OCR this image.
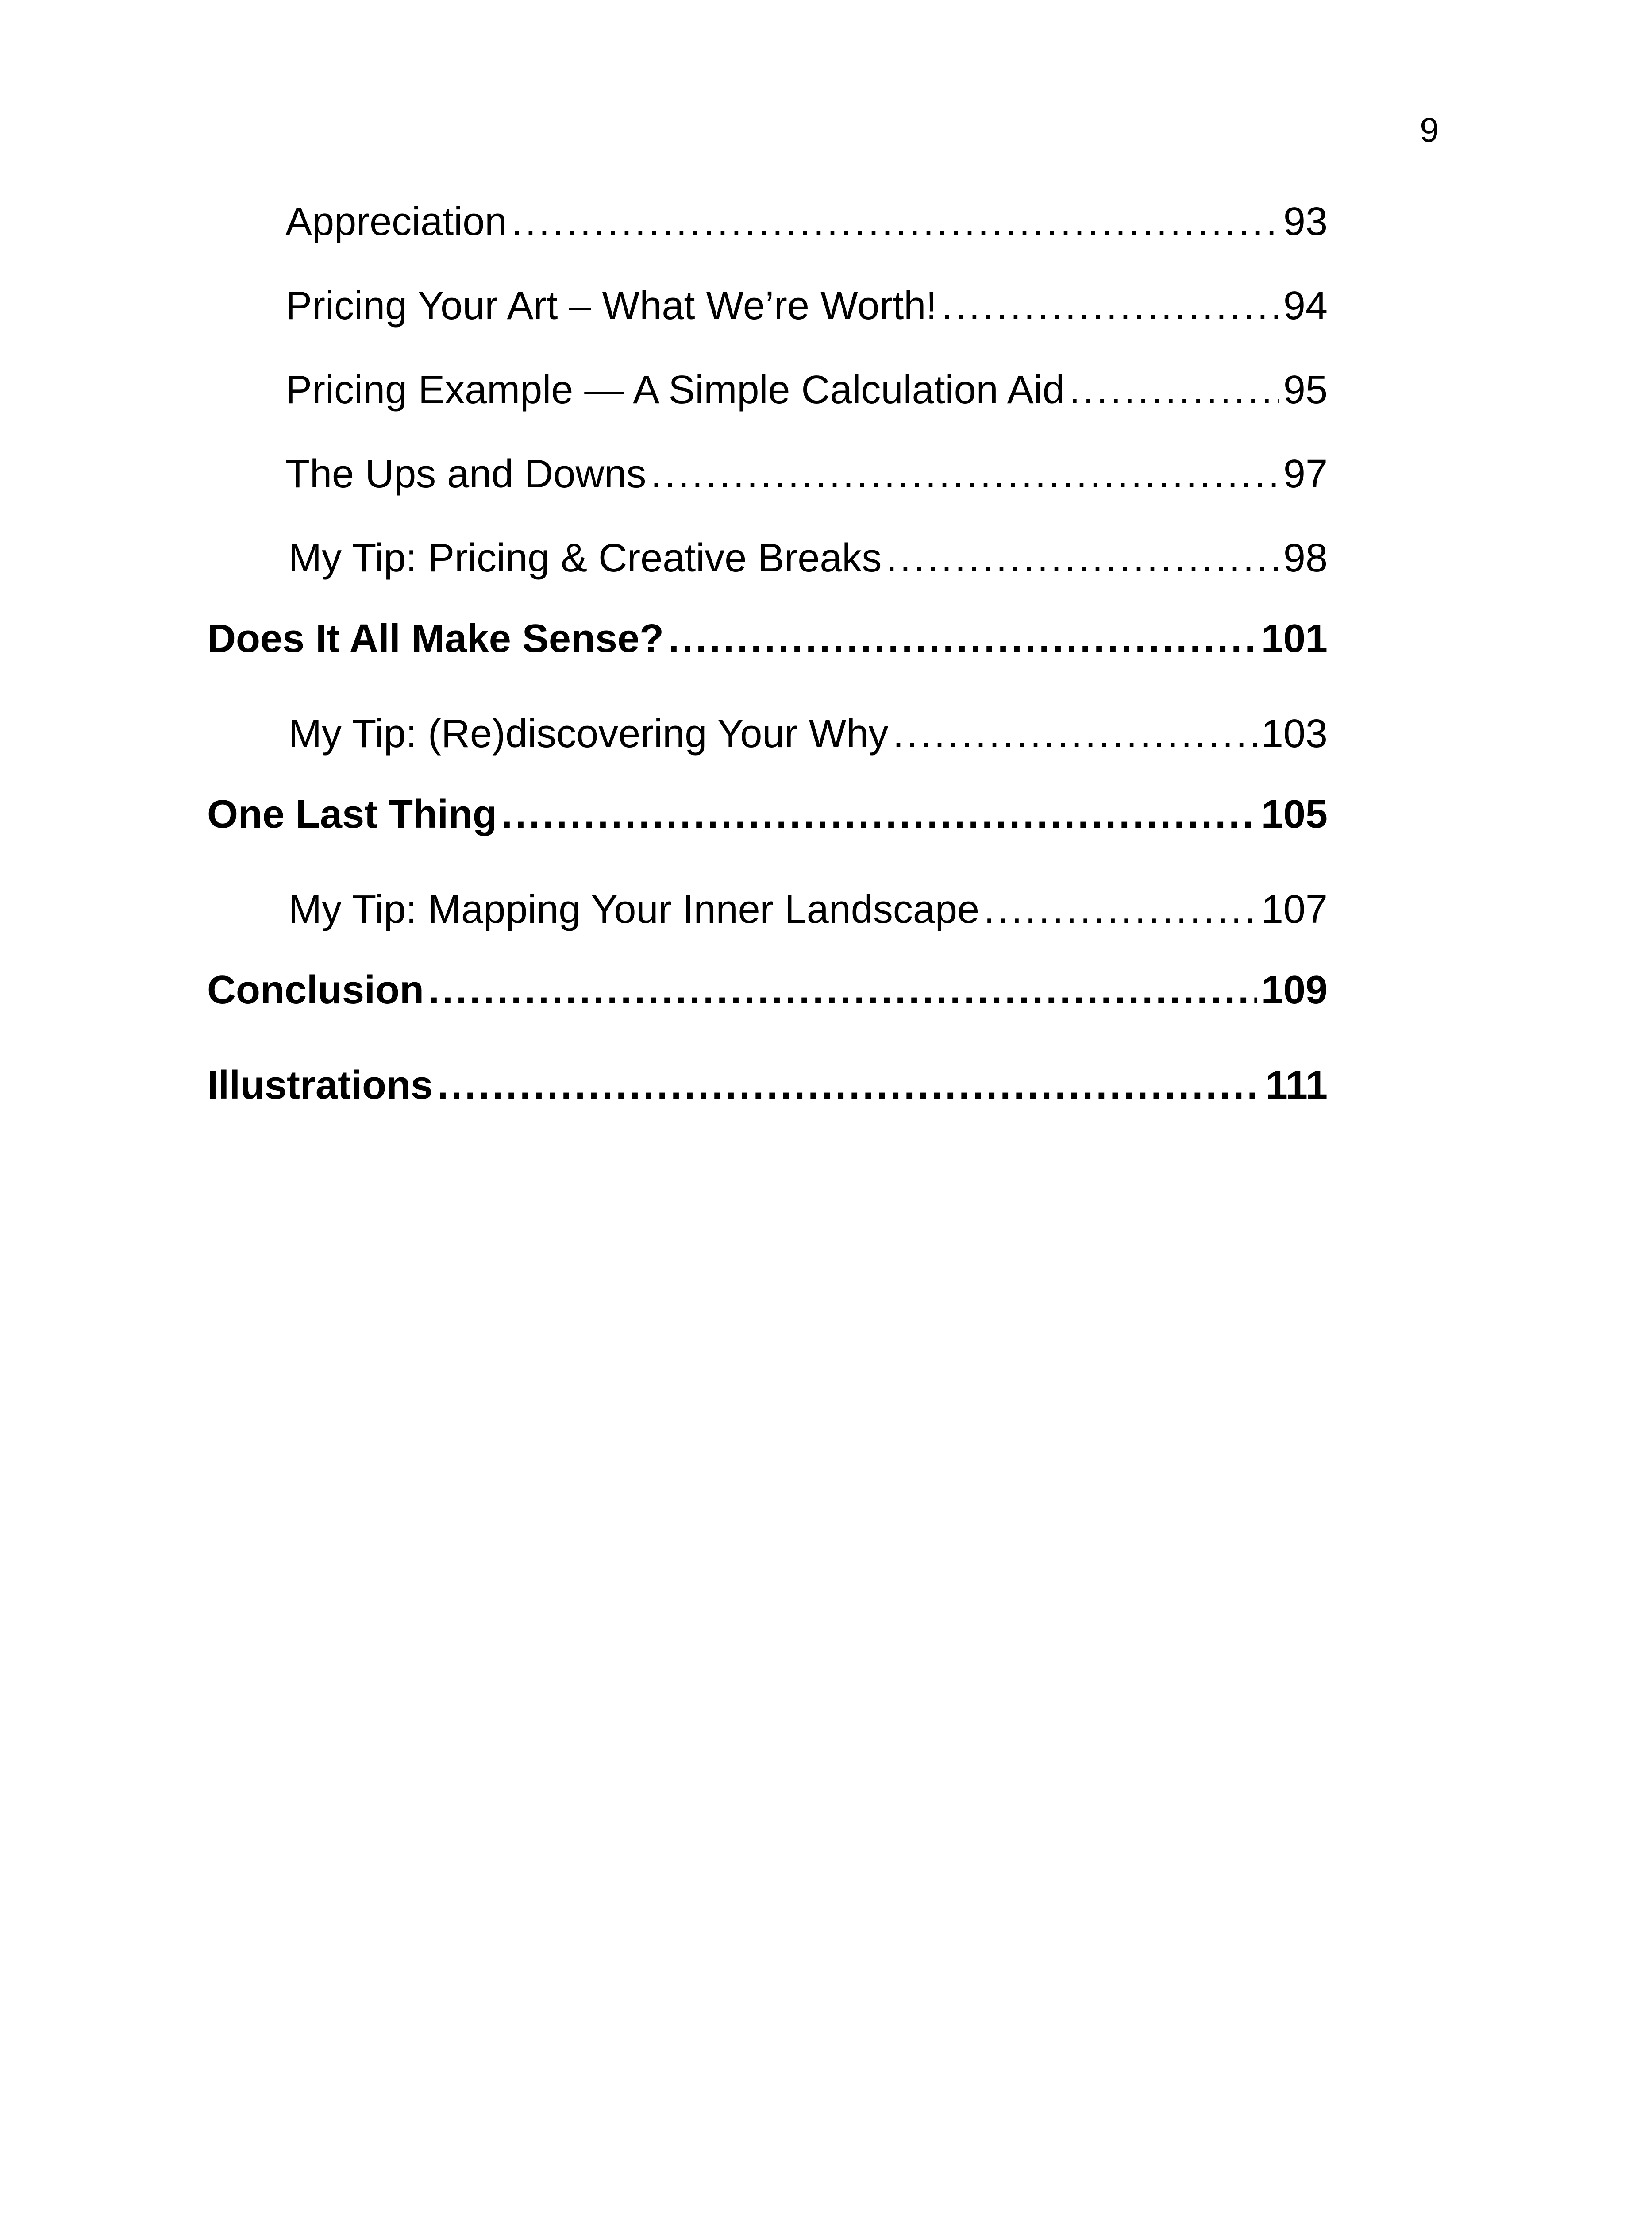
9
Appreciation .....	93
Pricing Your Art – What We’re Worth! .....	94
Pricing Example — A Simple Calculation Aid .....	95
The Ups and Downs .....	97
My Tip: Pricing & Creative Breaks .....	98
Does It All Make Sense? .....	101
My Tip: (Re)discovering Your Why .....	103
One Last Thing .....	105
My Tip: Mapping Your Inner Landscape .....	107
Conclusion .....	109
Illustrations .....	111
